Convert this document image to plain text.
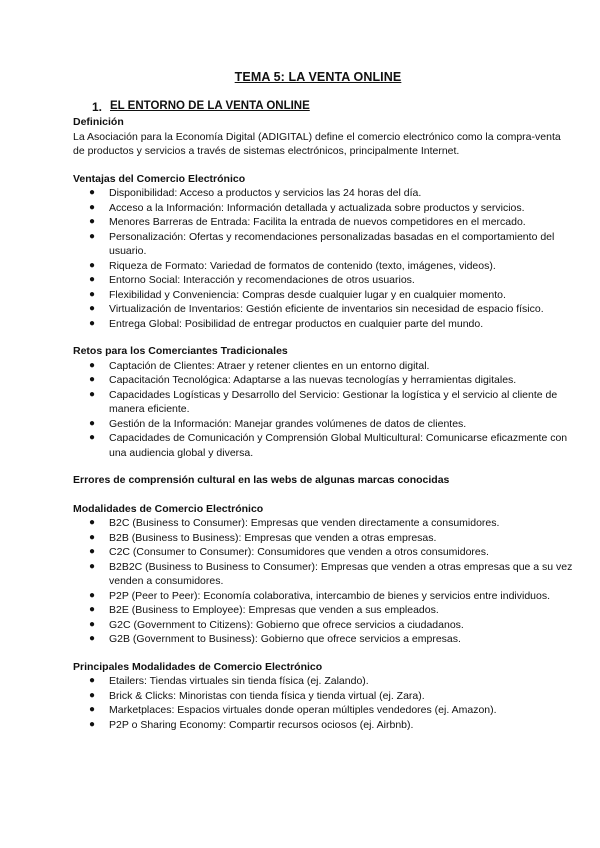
TEMA 5: LA VENTA ONLINE
1. EL ENTORNO DE LA VENTA ONLINE
Definición

La Asociación para la Economía Digital (ADIGITAL) define el comercio electrónico como la compra-venta de productos y servicios a través de sistemas electrónicos, principalmente Internet.

Ventajas del Comercio Electrónico
● Disponibilidad: Acceso a productos y servicios las 24 horas del día.
● Acceso a la Información: Información detallada y actualizada sobre productos y servicios.
● Menores Barreras de Entrada: Facilita la entrada de nuevos competidores en el mercado.
● Personalización: Ofertas y recomendaciones personalizadas basadas en el comportamiento del usuario.
● Riqueza de Formato: Variedad de formatos de contenido (texto, imágenes, videos).
● Entorno Social: Interacción y recomendaciones de otros usuarios.
● Flexibilidad y Conveniencia: Compras desde cualquier lugar y en cualquier momento.
● Virtualización de Inventarios: Gestión eficiente de inventarios sin necesidad de espacio físico.
● Entrega Global: Posibilidad de entregar productos en cualquier parte del mundo.
Retos para los Comerciantes Tradicionales
● Captación de Clientes: Atraer y retener clientes en un entorno digital.
● Capacitación Tecnológica: Adaptarse a las nuevas tecnologías y herramientas digitales.
● Capacidades Logísticas y Desarrollo del Servicio: Gestionar la logística y el servicio al cliente de manera eficiente.
● Gestión de la Información: Manejar grandes volúmenes de datos de clientes.
● Capacidades de Comunicación y Comprensión Global Multicultural: Comunicarse eficazmente con una audiencia global y diversa.
Errores de comprensión cultural en las webs de algunas marcas conocidas
Modalidades de Comercio Electrónico
● B2C (Business to Consumer): Empresas que venden directamente a consumidores.
● B2B (Business to Business): Empresas que venden a otras empresas.
● C2C (Consumer to Consumer): Consumidores que venden a otros consumidores.
● B2B2C (Business to Business to Consumer): Empresas que venden a otras empresas que a su vez venden a consumidores.
● P2P (Peer to Peer): Economía colaborativa, intercambio de bienes y servicios entre individuos.
● B2E (Business to Employee): Empresas que venden a sus empleados.
● G2C (Government to Citizens): Gobierno que ofrece servicios a ciudadanos.
● G2B (Government to Business): Gobierno que ofrece servicios a empresas.
Principales Modalidades de Comercio Electrónico
● Etailers: Tiendas virtuales sin tienda física (ej. Zalando).
● Brick & Clicks: Minoristas con tienda física y tienda virtual (ej. Zara).
● Marketplaces: Espacios virtuales donde operan múltiples vendedores (ej. Amazon).
● P2P o Sharing Economy: Compartir recursos ociosos (ej. Airbnb).
